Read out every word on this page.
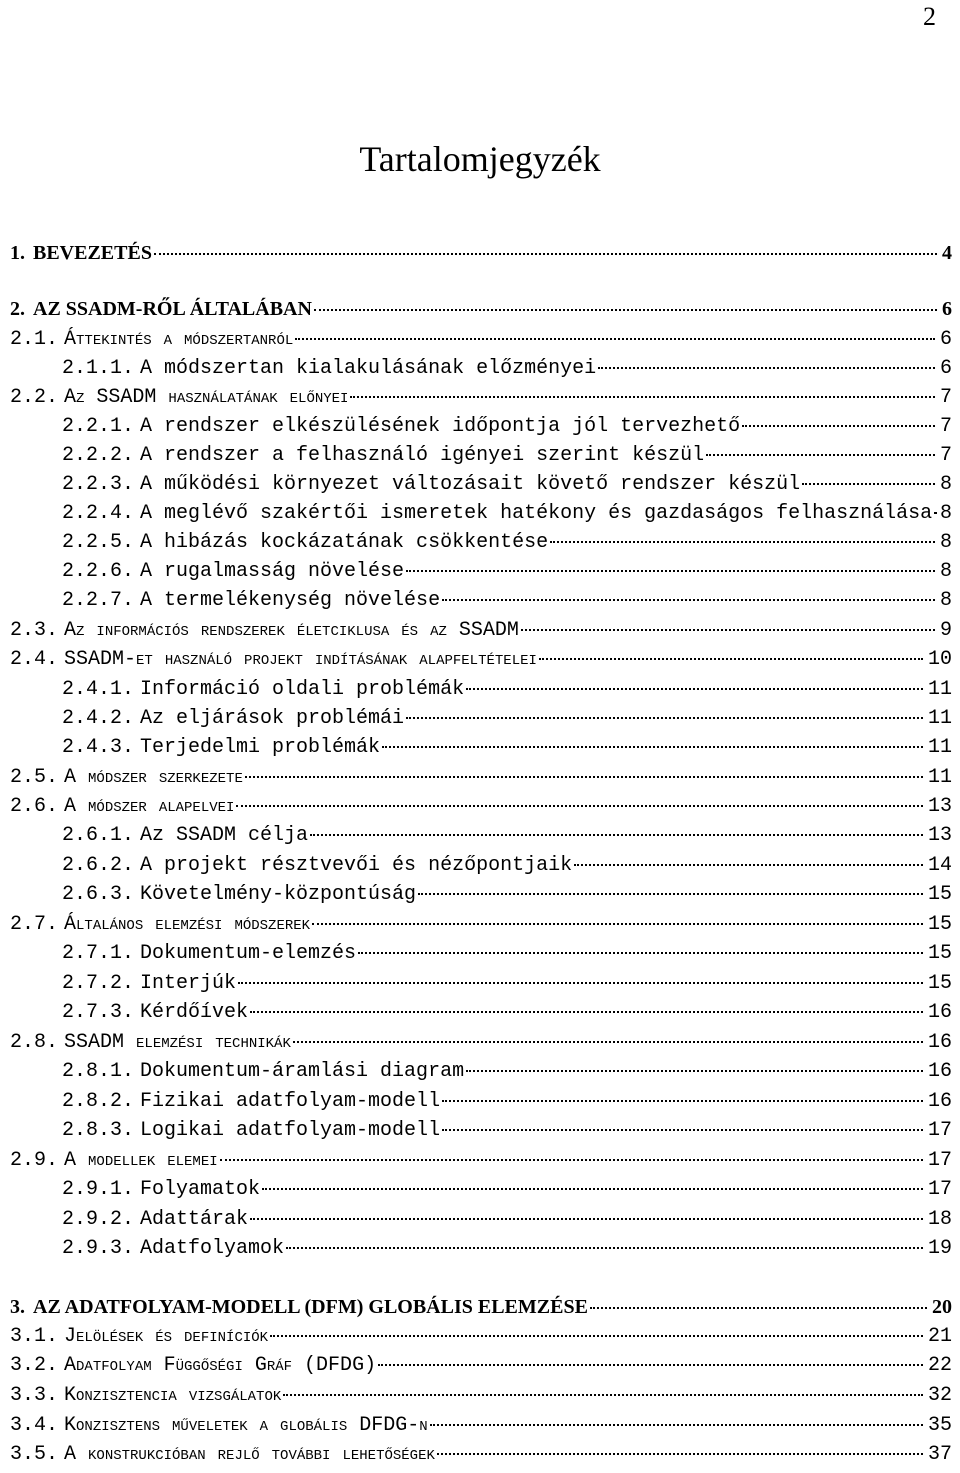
2
Tartalomjegyzék
1. BEVEZETÉS	4
2. AZ SSADM-RŐL ÁLTALÁBAN	6
2.1. Áttekintés a módszertanról	6
2.1.1. A módszertan kialakulásának előzményei	6
2.2. Az SSADM használatának előnyei	7
2.2.1. A rendszer elkészülésének időpontja jól tervezhető	7
2.2.2. A rendszer a felhasználó igényei szerint készül	7
2.2.3. A működési környezet változásait követő rendszer készül	8
2.2.4. A meglévő szakértői ismeretek hatékony és gazdaságos felhasználása 8
2.2.5. A hibázás kockázatának csökkentése	8
2.2.6. A rugalmasság növelése	8
2.2.7. A termelékenység növelése	8
2.3. Az információs rendszerek életciklusa és az SSADM	9
2.4. SSADM-et használó projekt indításának alapfeltételei	10
2.4.1. Információ oldali problémák	11
2.4.2. Az eljárások problémái	11
2.4.3. Terjedelmi problémák	11
2.5. A módszer szerkezete	11
2.6. A módszer alapelvei	13
2.6.1. Az SSADM célja	13
2.6.2. A projekt résztvevői és nézőpontjaik	14
2.6.3. Követelmény-központúság	15
2.7. Általános elemzési módszerek	15
2.7.1. Dokumentum-elemzés	15
2.7.2. Interjúk	15
2.7.3. Kérdőívek	16
2.8. SSADM elemzési technikák	16
2.8.1. Dokumentum-áramlási diagram	16
2.8.2. Fizikai adatfolyam-modell	16
2.8.3. Logikai adatfolyam-modell	17
2.9. A modellek elemei	17
2.9.1. Folyamatok	17
2.9.2. Adattárak	18
2.9.3. Adatfolyamok	19
3. AZ ADATFOLYAM-MODELL (DFM) GLOBÁLIS ELEMZÉSE	20
3.1. Jelölések és definíciók	21
3.2. Adatfolyam Függőségi Gráf (DFDG)	22
3.3. Konzisztencia vizsgálatok	32
3.4. Konzisztens műveletek a globális DFDG-n	35
3.5. A konstrukcióban rejlő további lehetőségek	37
